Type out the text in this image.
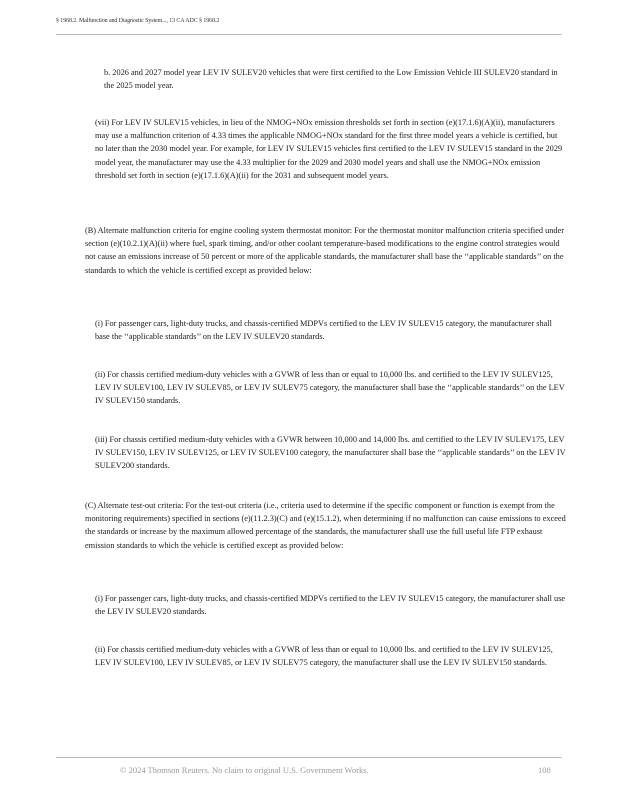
§ 1968.2. Malfunction and Diagnostic System..., 13 CA ADC § 1968.2

b. 2026 and 2027 model year LEV IV SULEV20 vehicles that were first certified to the Low Emission Vehicle III SULEV20 standard in the 2025 model year.

(vii) For LEV IV SULEV15 vehicles, in lieu of the NMOG+NOx emission thresholds set forth in section (e)(17.1.6)(A)(ii), manufacturers may use a malfunction criterion of 4.33 times the applicable NMOG+NOx standard for the first three model years a vehicle is certified, but no later than the 2030 model year. For example, for LEV IV SULEV15 vehicles first certified to the LEV IV SULEV15 standard in the 2029 model year, the manufacturer may use the 4.33 multiplier for the 2029 and 2030 model years and shall use the NMOG+NOx emission threshold set forth in section (e)(17.1.6)(A)(ii) for the 2031 and subsequent model years.

(B) Alternate malfunction criteria for engine cooling system thermostat monitor: For the thermostat monitor malfunction criteria specified under section (e)(10.2.1)(A)(ii) where fuel, spark timing, and/or other coolant temperature-based modifications to the engine control strategies would not cause an emissions increase of 50 percent or more of the applicable standards, the manufacturer shall base the ‘‘applicable standards’’ on the standards to which the vehicle is certified except as provided below:

(i) For passenger cars, light-duty trucks, and chassis-certified MDPVs certified to the LEV IV SULEV15 category, the manufacturer shall base the ‘‘applicable standards’’ on the LEV IV SULEV20 standards.

(ii) For chassis certified medium-duty vehicles with a GVWR of less than or equal to 10,000 lbs. and certified to the LEV IV SULEV125, LEV IV SULEV100, LEV IV SULEV85, or LEV IV SULEV75 category, the manufacturer shall base the ‘‘applicable standards’’ on the LEV IV SULEV150 standards.

(iii) For chassis certified medium-duty vehicles with a GVWR between 10,000 and 14,000 lbs. and certified to the LEV IV SULEV175, LEV IV SULEV150, LEV IV SULEV125, or LEV IV SULEV100 category, the manufacturer shall base the ‘‘applicable standards’’ on the LEV IV SULEV200 standards.

(C) Alternate test-out criteria: For the test-out criteria (i.e., criteria used to determine if the specific component or function is exempt from the monitoring requirements) specified in sections (e)(11.2.3)(C) and (e)(15.1.2), when determining if no malfunction can cause emissions to exceed the standards or increase by the maximum allowed percentage of the standards, the manufacturer shall use the full useful life FTP exhaust emission standards to which the vehicle is certified except as provided below:

(i) For passenger cars, light-duty trucks, and chassis-certified MDPVs certified to the LEV IV SULEV15 category, the manufacturer shall use the LEV IV SULEV20 standards.

(ii) For chassis certified medium-duty vehicles with a GVWR of less than or equal to 10,000 lbs. and certified to the LEV IV SULEV125, LEV IV SULEV100, LEV IV SULEV85, or LEV IV SULEV75 category, the manufacturer shall use the LEV IV SULEV150 standards.

© 2024 Thomson Reuters. No claim to original U.S. Government Works.	108
